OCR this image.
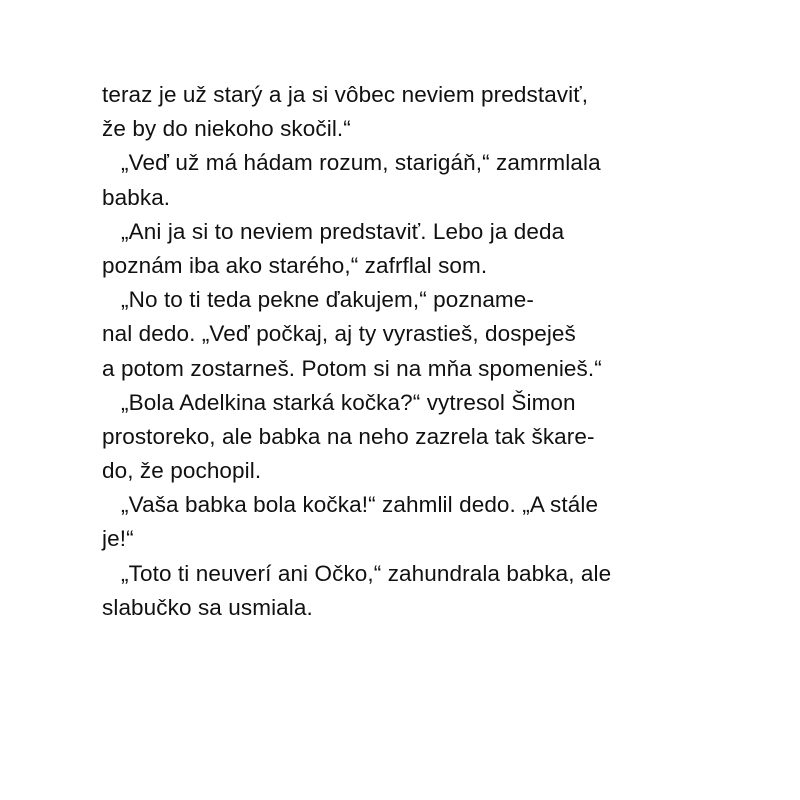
teraz je už starý a ja si vôbec neviem predstaviť,
že by do niekoho skočil.“
„Veď už má hádam rozum, starigáň,“ zamrmlala
babka.
„Ani ja si to neviem predstaviť. Lebo ja deda
poznám iba ako starého,“ zafrflal som.
„No to ti teda pekne ďakujem,“ pozname-
nal dedo. „Veď počkaj, aj ty vyrastieš, dospeješ
a potom zostarneš. Potom si na mňa spomenieš.“
„Bola Adelkina starká kočka?“ vytresol Šimon
prostoreko, ale babka na neho zazrela tak škare-
do, že pochopil.
„Vaša babka bola kočka!“ zahmlil dedo. „A stále
je!“
„Toto ti neuverí ani Očko,“ zahundrala babka, ale
slabučko sa usmiala.
